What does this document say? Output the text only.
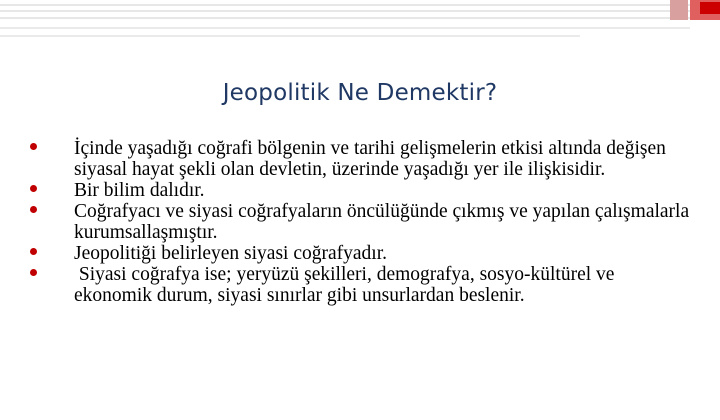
Jeopolitik Ne Demektir?
İçinde yaşadığı coğrafi bölgenin ve tarihi gelişmelerin etkisi altında değişen siyasal hayat şekli olan devletin, üzerinde yaşadığı yer ile ilişkisidir.
Bir bilim dalıdır.
Coğrafyacı ve siyasi coğrafyaların öncülüğünde çıkmış ve yapılan çalışmalarla kurumsallaşmıştır.
Jeopolitiği belirleyen siyasi coğrafyadır.
Siyasi coğrafya ise; yeryüzü şekilleri, demografya, sosyo-kültürel ve ekonomik durum, siyasi sınırlar gibi unsurlardan beslenir.
